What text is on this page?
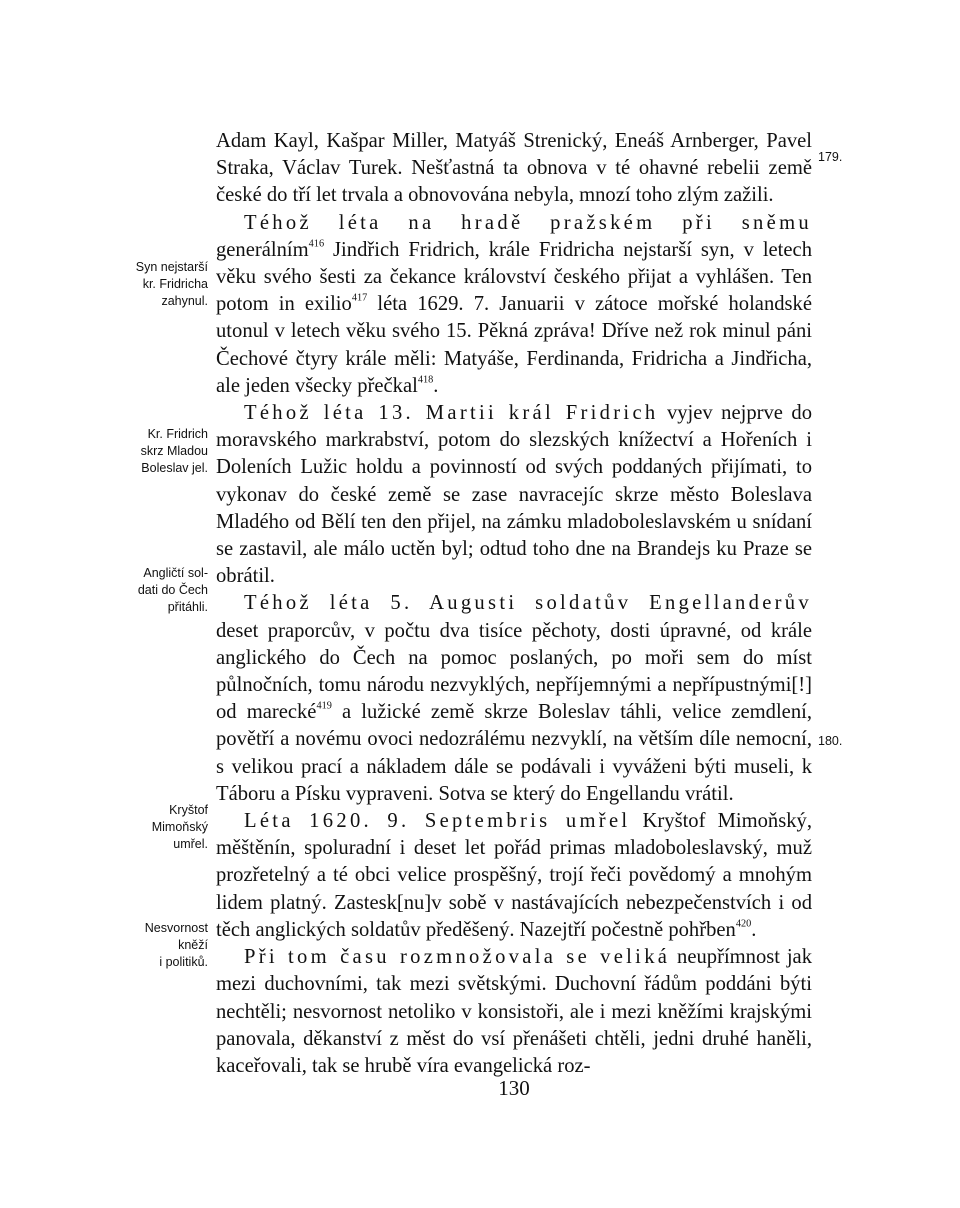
179.
180.
Syn nejstarší
kr. Fridricha
zahynul.
Kr. Fridrich
skrz Mladou
Boleslav jel.
Angličtí sol-
dati do Čech
přitáhli.
Kryštof
Mimoňský
umřel.
Nesvornost
kněží
i politiků.

Adam Kayl, Kašpar Miller, Matyáš Strenický, Eneáš Arnberger, Pavel Straka, Václav Turek. Nešťastná ta obnova v té ohavné rebelii země české do tří let trvala a obnovována nebyla, mnozí toho zlým zažili.

Téhož léta na hradě pražském při sněmu generálním$^{416}$ Jindřich Fridrich, krále Fridricha nejstarší syn, v letech věku svého šesti za čekance království českého přijat a vyhlášen. Ten potom in exilio$^{417}$ léta 1629. 7. Januarii v zátoce mořské holandské utonul v letech věku svého 15. Pěkná zpráva! Dříve než rok minul páni Čechové čtyry krále měli: Matyáše, Ferdinanda, Fridricha a Jindřicha, ale jeden všecky přečkal$^{418}$.

Téhož léta 13. Martii král Fridrich vyjev nejprve do moravského markrabství, potom do slezských knížectví a Hořeních i Doleních Lužic holdu a povinností od svých poddaných přijímati, to vykonav do české země se zase navracejíc skrze město Boleslava Mladého od Bělí ten den přijel, na zámku mladoboleslavském u snídaní se zastavil, ale málo uctěn byl; odtud toho dne na Brandejs ku Praze se obrátil.

Téhož léta 5. Augusti soldatův Engellanderův deset praporcův, v počtu dva tisíce pěchoty, dosti úpravné, od krále anglického do Čech na pomoc poslaných, po moři sem do míst půlnočních, tomu národu nezvyklých, nepříjemnými a nepřípustnými[!] od marecké$^{419}$ a lužické země skrze Boleslav táhli, velice zemdlení, povětří a novému ovoci nedozrálému nezvyklí, na větším díle nemocní, s velikou prací a nákladem dále se podávali i vyváženi býti museli, k Táboru a Písku vypraveni. Sotva se který do Engellandu vrátil.

Léta 1620. 9. Septembris umřel Kryštof Mimoňský, měštěnín, spoluradní i deset let pořád primas mladoboleslavský, muž prozřetelný a té obci velice prospěšný, trojí řeči povědomý a mnohým lidem platný. Zastesk[nu]v sobě v nastávajících nebezpečenstvích i od těch anglických soldatův předěšený. Nazejtří počestně pohřben$^{420}$.

Při tom času rozmnožovala se veliká neupřímnost jak mezi duchovními, tak mezi světskými. Duchovní řádům poddáni býti nechtěli; nesvornost netoliko v konsistoři, ale i mezi kněžími krajskými panovala, děkanství z měst do vsí přenášeti chtěli, jedni druhé haněli, kaceřovali, tak se hrubě víra evangelická roz-

130
